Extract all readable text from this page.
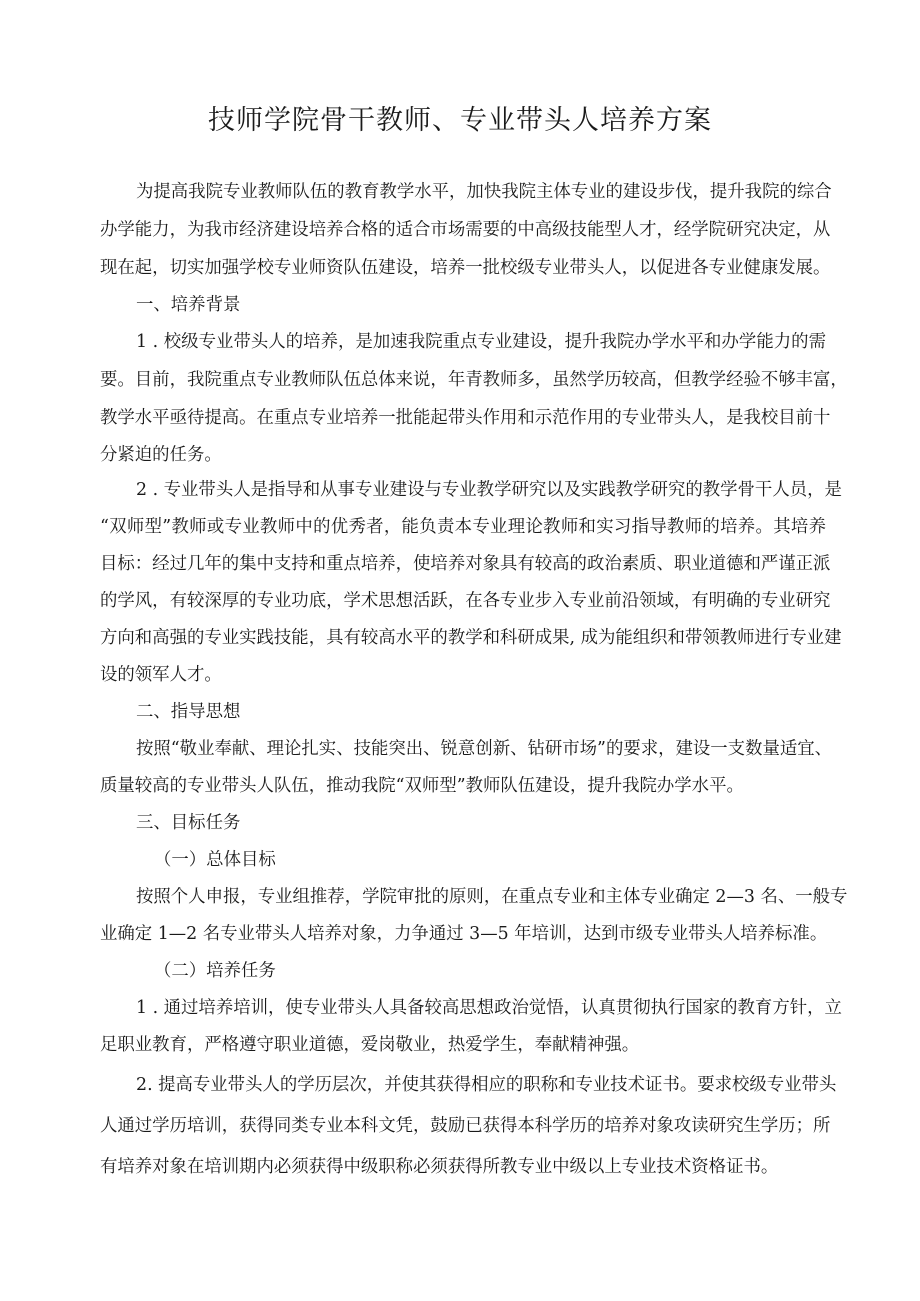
技师学院骨干教师、专业带头人培养方案
为提高我院专业教师队伍的教育教学水平，加快我院主体专业的建设步伐，提升我院的综合
办学能力，为我市经济建设培养合格的适合市场需要的中高级技能型人才，经学院研究决定，从
现在起，切实加强学校专业师资队伍建设，培养一批校级专业带头人，以促进各专业健康发展。
一、培养背景
1 . 校级专业带头人的培养，是加速我院重点专业建设，提升我院办学水平和办学能力的需
要。目前，我院重点专业教师队伍总体来说，年青教师多，虽然学历较高，但教学经验不够丰富，
教学水平亟待提高。在重点专业培养一批能起带头作用和示范作用的专业带头人，是我校目前十
分紧迫的任务。
2 . 专业带头人是指导和从事专业建设与专业教学研究以及实践教学研究的教学骨干人员，是
“双师型”教师或专业教师中的优秀者，能负责本专业理论教师和实习指导教师的培养。其培养
目标：经过几年的集中支持和重点培养，使培养对象具有较高的政治素质、职业道德和严谨正派
的学风，有较深厚的专业功底，学术思想活跃，在各专业步入专业前沿领域，有明确的专业研究
方向和高强的专业实践技能，具有较高水平的教学和科研成果, 成为能组织和带领教师进行专业建
设的领军人才。
二、指导思想
按照“敬业奉献、理论扎实、技能突出、锐意创新、钻研市场”的要求，建设一支数量适宜、
质量较高的专业带头人队伍，推动我院“双师型”教师队伍建设，提升我院办学水平。
三、目标任务
（一）总体目标
按照个人申报，专业组推荐，学院审批的原则，在重点专业和主体专业确定 2—3 名、一般专
业确定 1—2 名专业带头人培养对象，力争通过 3—5 年培训，达到市级专业带头人培养标准。
（二）培养任务
1 . 通过培养培训，使专业带头人具备较高思想政治觉悟，认真贯彻执行国家的教育方针，立
足职业教育，严格遵守职业道德，爱岗敬业，热爱学生，奉献精神强。
2. 提高专业带头人的学历层次，并使其获得相应的职称和专业技术证书。要求校级专业带头
人通过学历培训，获得同类专业本科文凭，鼓励已获得本科学历的培养对象攻读研究生学历；所
有培养对象在培训期内必须获得中级职称必须获得所教专业中级以上专业技术资格证书。
